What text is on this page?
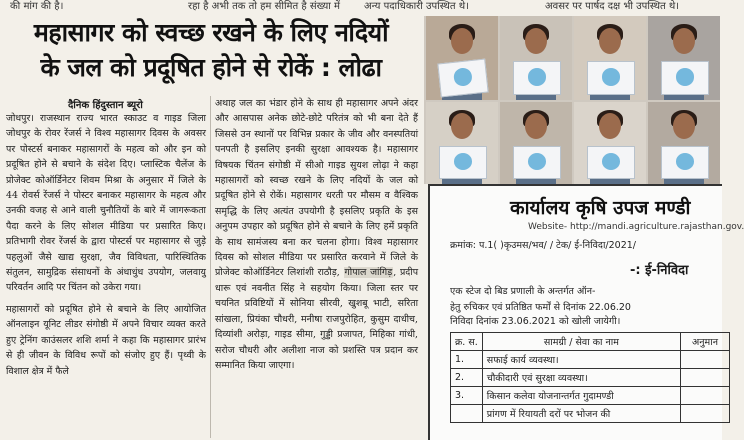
की मांग की है।	रहा है अभी तक तो हम सीमित है संख्या में अन्य पदाधिकारी उपस्थित थे।	अवसर पर पार्षद दक्ष भी उपस्थित थे।
महासागर को स्वच्छ रखने के लिए नदियों
के जल को प्रदूषित होने से रोकें : लोढा
दैनिक हिंदुस्तान ब्यूरो

जोधपुर। राजस्थान राज्य भारत स्काउट व गाइड जिला जोधपुर के रोवर रेंजर्स ने विश्व महासागर दिवस के अवसर पर पोस्टर्स बनाकर महासागरों के महत्व को और इन को प्रदूषित होने से बचाने के संदेश दिए। प्लास्टिक चैलेंज के प्रोजेक्ट कोऑर्डिनेटर शिवम मिश्रा के अनुसार में जिले के 44 रोवर्स रेंजर्स ने पोस्टर बनाकर महासागर के महत्व और उनकी वजह से आने वाली चुनौतियों के बारे में जागरूकता पैदा करने के लिए सोशल मीडिया पर प्रसारित किए। प्रतिभागी रोवर रेंजर्स के द्वारा पोस्टर्स पर महासागर से जुड़े पहलुओं जैसे खाद्य सुरक्षा, जैव विविधता, पारिस्थितिक संतुलन, सामुद्रिक संसाधनों के अंधाधुंध उपयोग, जलवायु परिवर्तन आदि पर चिंतन को उकेरा गया।

महासागरों को प्रदूषित होने से बचाने के लिए आयोजित ऑनलाइन यूनिट लीडर संगोष्ठी में अपने विचार व्यक्त करते हुए ट्रेनिंग काउंसलर शशि शर्मा ने कहा कि महासागर प्रारंभ से ही जीवन के विविध रूपों को संजोए हुए हैं। पृथ्वी के विशाल क्षेत्र में फैले

अथाह जल का भंडार होने के साथ ही महासागर अपने अंदर और आसपास अनेक छोटे-छोटे परितंत्र को भी बना देते हैं जिससे उन स्थानों पर विभिन्न प्रकार के जीव और वनस्पतियां पनपती है इसलिए इनकी सुरक्षा आवश्यक है। महासागर विषयक चिंतन संगोष्ठी में सीओ गाइड सुयश लोढ़ा ने कहा महासागरों को स्वच्छ रखने के लिए नदियों के जल को प्रदूषित होने से रोकें। महासागर धरती पर मौसम व वैश्विक समृद्धि के लिए अत्यंत उपयोगी है इसलिए प्रकृति के इस अनुपम उपहार को प्रदूषित होने से बचाने के लिए हमें प्रकृति के साथ सामंजस्य बना कर चलना होगा। विश्व महासागर दिवस को सोशल मीडिया पर प्रसारित करवाने में जिले के प्रोजेक्ट कोऑर्डिनेटर लिशांशी राठौड़, गोपाल जांगिड़, प्रदीप धारू एवं नवनीत सिंह ने सहयोग किया। जिला स्तर पर चयनित प्रविष्टियों में सोनिया सीरवी, खुशबू भाटी, सरिता सांखला, प्रियंका चौधरी, मनीषा राजपुरोहित, कुसुम दाधीच, दिव्यांशी अरोड़ा, गाइड सीमा, गुड्डी प्रजापत, मिहिका गांधी, सरोज चौधरी और अलीशा नाज को प्रशस्ति पत्र प्रदान कर सम्मानित किया जाएगा।

कार्यालय कृषि उपज मण्डी
Website- http://mandi.agriculture.rajasthan.gov.
क्रमांक: प.1( )कृउमस/भव/ / टेक/ ई-निविदा/2021/
-: ई-निविदा
एक स्टेज दो बिड प्रणाली के अन्तर्गत ऑन-
हेतु रुचिकर एवं प्रतिष्ठित फर्मों से दिनांक 22.06.20
निविदा दिनांक 23.06.2021 को खोली जायेगी।
क्र. स.	सामग्री / सेवा का नाम	अनुमान
1.	सफाई कार्य व्यवस्था।	
2.	चौकीदारी एवं सुरक्षा व्यवस्था।	
3.	किसान कलेवा योजनान्तर्गत गुदामण्डी	
	प्रांगण में रियायती दरों पर भोजन की	
